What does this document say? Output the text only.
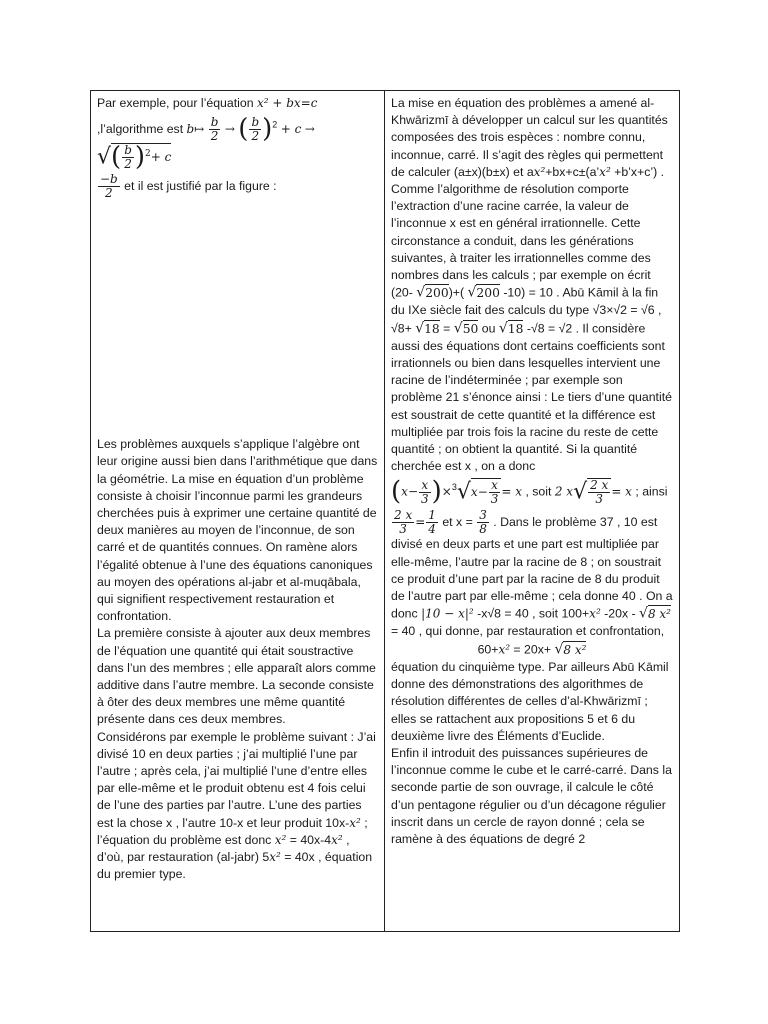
Par exemple, pour l’équation x² + bx=c

,l’algorithme est b↦ $\frac{b}{2}$ → ( $\frac{b}{2} )^2 + c$ → √( $\frac{b}{2} )^2+ c$

$\frac{-b}{2}$ et il est justifié par la figure :

Les problèmes auxquels s’applique l’algèbre ont leur origine aussi bien dans l’arithmétique que dans la géométrie. La mise en équation d’un problème consiste à choisir l’inconnue parmi les grandeurs cherchées puis à exprimer une certaine quantité de deux manières au moyen de l’inconnue, de son carré et de quantités connues. On ramène alors l’égalité obtenue à l’une des équations canoniques au moyen des opérations al-jabr et al-muqābala, qui signifient respectivement restauration et confrontation.

La première consiste à ajouter aux deux membres de l’équation une quantité qui était soustractive dans l’un des membres ; elle apparaît alors comme additive dans l’autre membre. La seconde consiste à ôter des deux membres une même quantité présente dans ces deux membres.

Considérons par exemple le problème suivant : J’ai divisé 10 en deux parties ; j’ai multiplié l’une par l’autre ; après cela, j’ai multiplié l’une d’entre elles par elle-même et le produit obtenu est 4 fois celui de l’une des parties par l’autre. L’une des parties est la chose x , l’autre 10-x et leur produit 10x-x² ; l’équation du problème est donc x² = 40x-4x² , d’où, par restauration (al-jabr) 5x² = 40x , équation du premier type.

La mise en équation des problèmes a amené al-Khwārizmī à développer un calcul sur les quantités composées des trois espèces : nombre connu, inconnue, carré. Il s’agit des règles qui permettent de calculer (a±x)(b±x) et ax²+bx+c±(a’x² +b’x+c’) .

Comme l’algorithme de résolution comporte l’extraction d’une racine carrée, la valeur de l’inconnue x est en général irrationnelle. Cette circonstance a conduit, dans les générations suivantes, à traiter les irrationnelles comme des nombres dans les calculs ; par exemple on écrit (20- √200)+( √200 -10) = 10 . Abū Kāmil à la fin du IXe siècle fait des calculs du type √3×√2 = √6 , √8+ √18 = √50 ou √18 -√8 = √2 . Il considère aussi des équations dont certains coefficients sont irrationnels ou bien dans lesquelles intervient une racine de l’indéterminée ; par exemple son problème 21 s’énonce ainsi : Le tiers d’une quantité est soustrait de cette quantité et la différence est multipliée par trois fois la racine du reste de cette quantité ; on obtient la quantité. Si la quantité cherchée est x , on a donc

$(x- \frac{x}{3} )\times^3√x- \frac{x}{3} = x$ , soit 2 $x√ \frac{2 x}{3} = x$ ; ainsi

$\frac{2 x}{3} = \frac{1}{4}$ et $x = \frac{3}{8}$ . Dans le problème 37 , 10 est divisé en deux parts et une part est multipliée par elle-même, l’autre par la racine de 8 ; on soustrait ce produit d’une part par la racine de 8 du produit de l’autre part par elle-même ; cela donne 40 . On a donc |10 − x|² -x√8 = 40 , soit 100+x² -20x - √8 x² = 40 , qui donne, par restauration et confrontation,

60+x² = 20x+ √8 x²

équation du cinquième type. Par ailleurs Abū Kāmil donne des démonstrations des algorithmes de résolution différentes de celles d’al-Khwārizmī ; elles se rattachent aux propositions 5 et 6 du deuxième livre des Éléments d’Euclide.

Enfin il introduit des puissances supérieures de l’inconnue comme le cube et le carré-carré. Dans la seconde partie de son ouvrage, il calcule le côté d’un pentagone régulier ou d’un décagone régulier inscrit dans un cercle de rayon donné ; cela se ramène à des équations de degré 2
